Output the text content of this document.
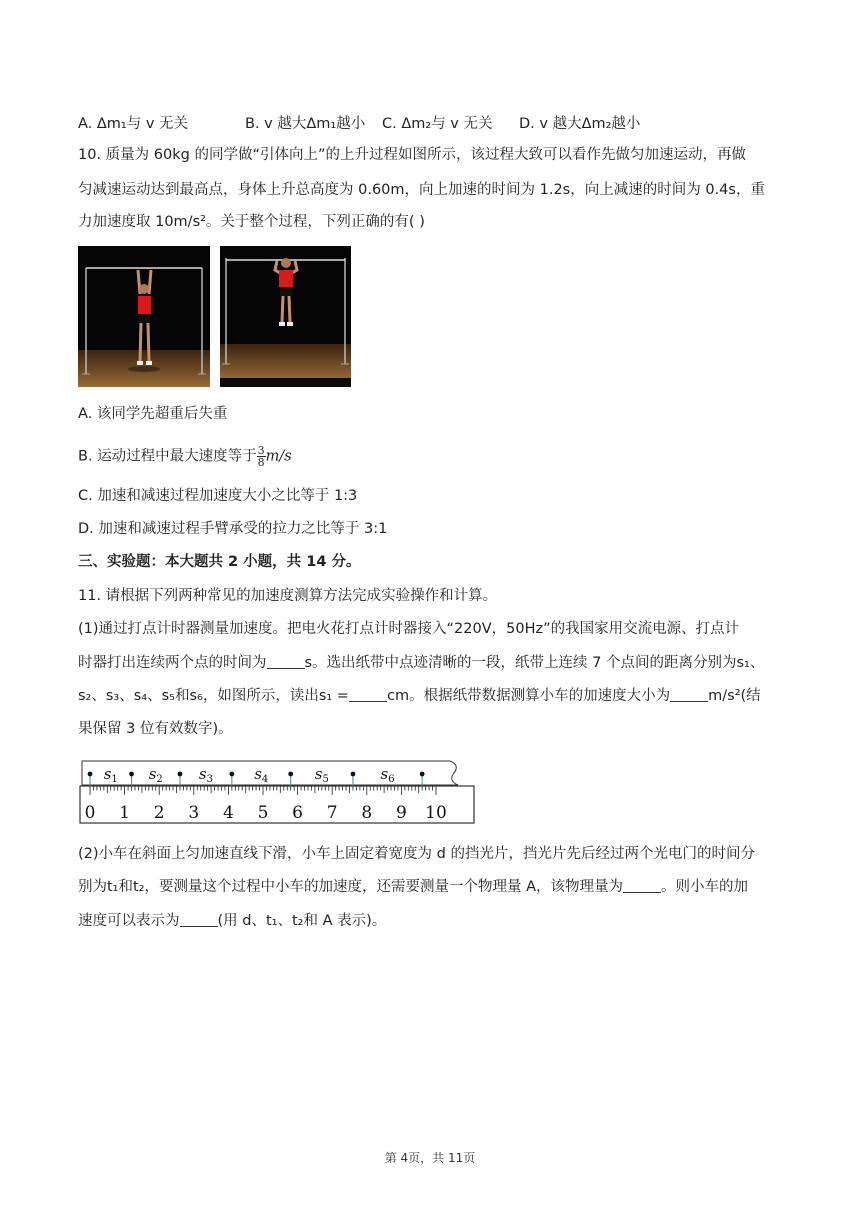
A. Δm₁与 v 无关	B. v 越大Δm₁越小 C. Δm₂与 v 无关 D. v 越大Δm₂越小
10. 质量为 60kg 的同学做“引体向上”的上升过程如图所示，该过程大致可以看作先做匀加速运动，再做
匀减速运动达到最高点，身体上升总高度为 0.60m，向上加速的时间为 1.2s，向上减速的时间为 0.4s，重
力加速度取 10m/s²。关于整个过程，下列正确的有( )
A. 该同学先超重后失重
B. 运动过程中最大速度等于 $\frac{3}{8} m/s$
C. 加速和减速过程加速度大小之比等于 1:3
D. 加速和减速过程手臂承受的拉力之比等于 3:1
三、实验题：本大题共 2 小题，共 14 分。
11. 请根据下列两种常见的加速度测算方法完成实验操作和计算。
(1)通过打点计时器测量加速度。把电火花打点计时器接入“220V，50Hz”的我国家用交流电源、打点计
时器打出连续两个点的时间为	s。选出纸带中点迹清晰的一段，纸带上连续 7 个点间的距离分别为s₁、
s₂、s₃、s₄、s₅和s₆，如图所示，读出s₁ =	cm。根据纸带数据测算小车的加速度大小为	m/s²(结
果保留 3 位有效数字)。
0 1 2 3 4 5 6 7 8 9 10
$s_1$ $s_2$ $s_3$	$s_4$	$s_5$	$s_6$
(2)小车在斜面上匀加速直线下滑，小车上固定着宽度为 d 的挡光片，挡光片先后经过两个光电门的时间分
别为t₁和t₂，要测量这个过程中小车的加速度，还需要测量一个物理量 A，该物理量为	。则小车的加
速度可以表示为	(用 d、t₁、t₂和 A 表示)。
第 4页，共 11页
